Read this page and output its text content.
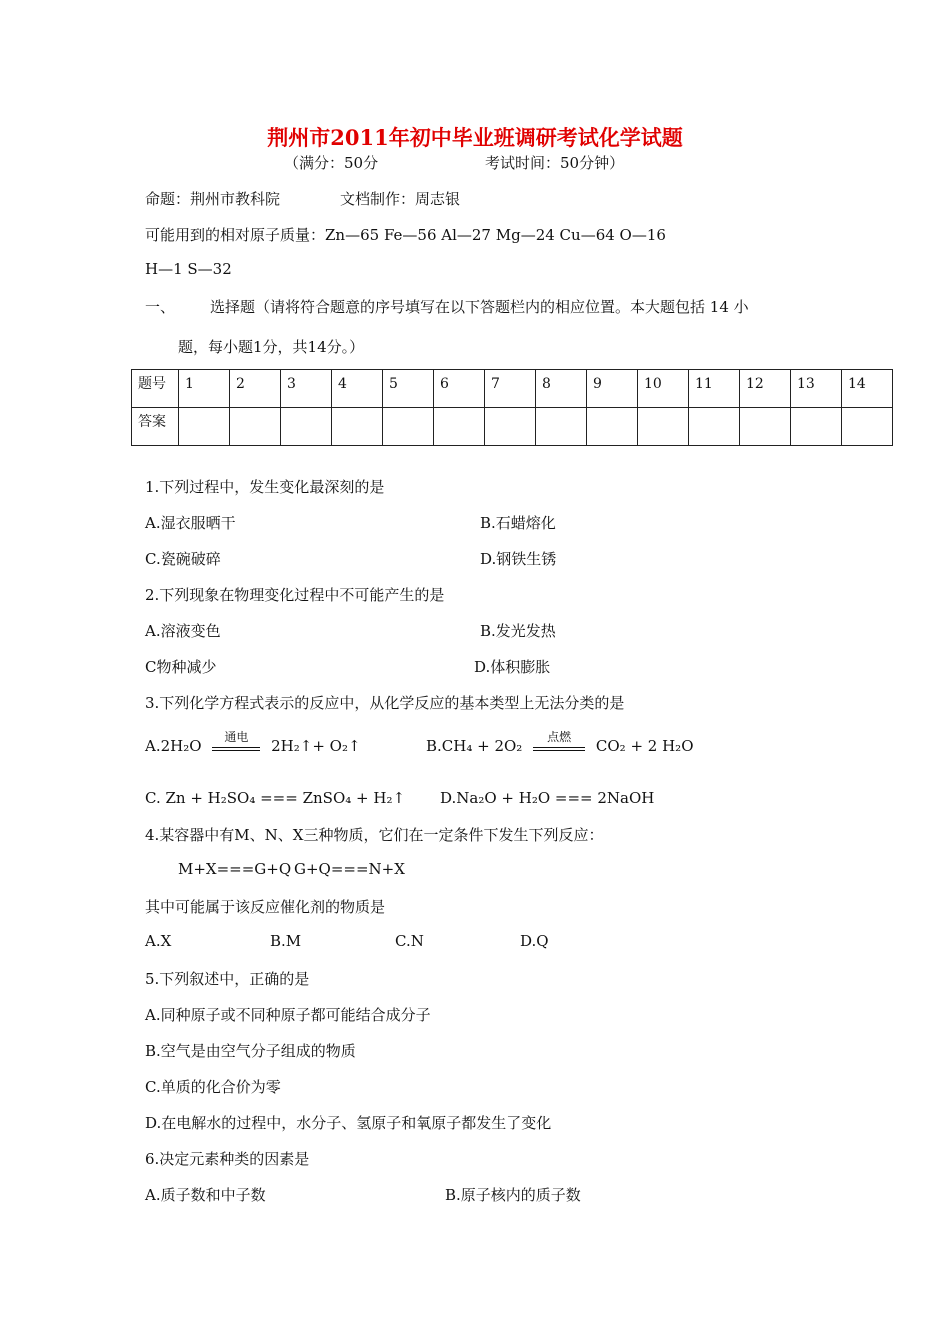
荆州市2011年初中毕业班调研考试化学试题
（满分：50分	考试时间：50分钟）
命题：荆州市教科院	文档制作：周志银
可能用到的相对原子质量：Zn—65 Fe—56 Al—27 Mg—24 Cu—64 O—16
H—1 S—32
一、 选择题（请将符合题意的序号填写在以下答题栏内的相应位置。本大题包括 14 小
题，每小题1分，共14分。）
题号	1	2	3	4	5	6	7	8	9	10	11	12	13	14
答案														
1.下列过程中，发生变化最深刻的是
A.湿衣服晒干	B.石蜡熔化
C.瓷碗破碎	D.钢铁生锈
2.下列现象在物理变化过程中不可能产生的是
A.溶液变色	B.发光发热
C物种减少	D.体积膨胀
3.下列化学方程式表示的反应中，从化学反应的基本类型上无法分类的是
A.2H₂O	通电	2H₂↑+ O₂↑	B.CH₄ + 2O₂	点燃	CO₂ + 2 H₂O
C. Zn + H₂SO₄ === ZnSO₄ + H₂↑ D.Na₂O + H₂O === 2NaOH
4.某容器中有M、N、X三种物质，它们在一定条件下发生下列反应：
M+X===G+Q G+Q===N+X
其中可能属于该反应催化剂的物质是
A.X	B.M	C.N	D.Q
5.下列叙述中，正确的是
A.同种原子或不同种原子都可能结合成分子
B.空气是由空气分子组成的物质
C.单质的化合价为零
D.在电解水的过程中，水分子、氢原子和氧原子都发生了变化
6.决定元素种类的因素是
A.质子数和中子数	B.原子核内的质子数
